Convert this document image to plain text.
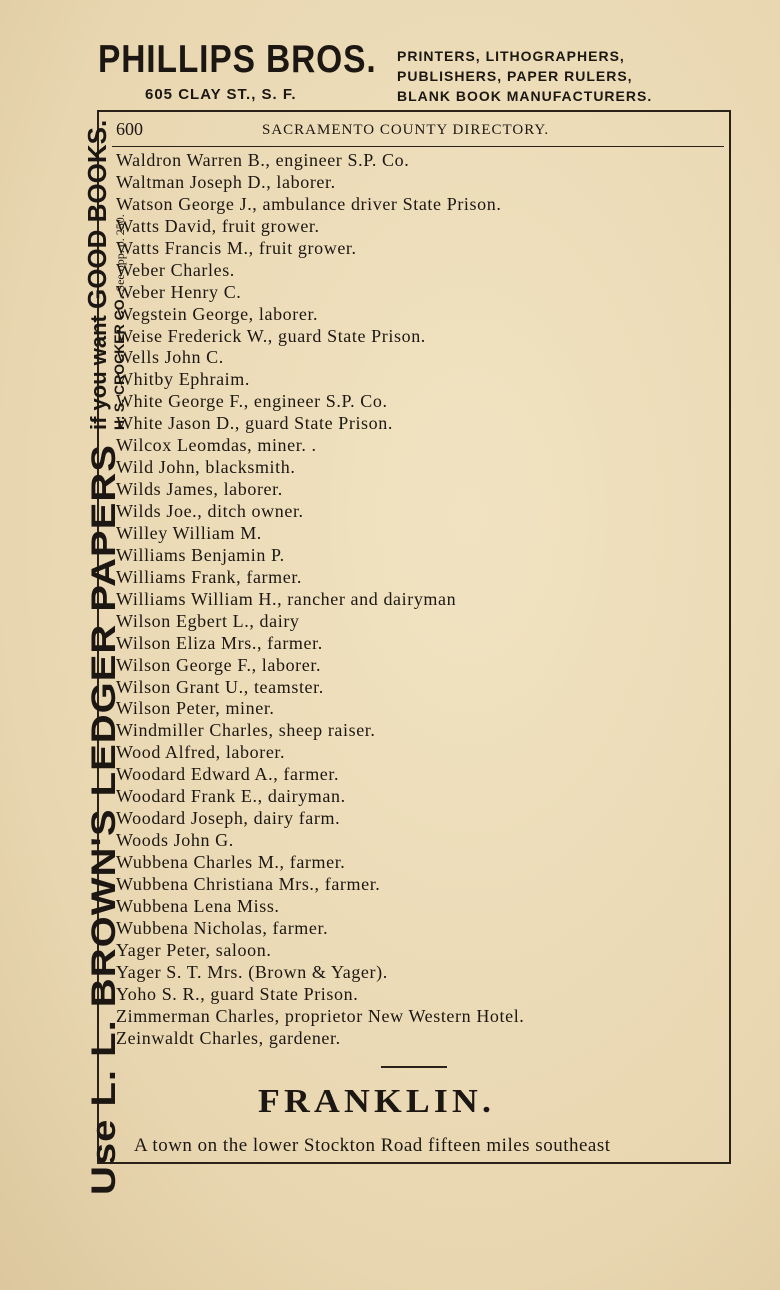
PHILLIPS BROS.
605 CLAY ST., S. F.
PRINTERS, LITHOGRAPHERS,
PUBLISHERS, PAPER RULERS,
BLANK BOOK MANUFACTURERS.
600	SACRAMENTO COUNTY DIRECTORY.
Waldron Warren B., engineer S.P. Co.
Waltman Joseph D., laborer.
Watson George J., ambulance driver State Prison.
Watts David, fruit grower.
Watts Francis M., fruit grower.
Weber Charles.
Weber Henry C.
Wegstein George, laborer.
Weise Frederick W., guard State Prison.
Wells John C.
Whitby Ephraim.
White George F., engineer S.P. Co.
White Jason D., guard State Prison.
Wilcox Leomdas, miner. .
Wild John, blacksmith.
Wilds James, laborer.
Wilds Joe., ditch owner.
Willey William M.
Williams Benjamin P.
Williams Frank, farmer.
Williams William H., rancher and dairyman
Wilson Egbert L., dairy
Wilson Eliza Mrs., farmer.
Wilson George F., laborer.
Wilson Grant U., teamster.
Wilson Peter, miner.
Windmiller Charles, sheep raiser.
Wood Alfred, laborer.
Woodard Edward A., farmer.
Woodard Frank E., dairyman.
Woodard Joseph, dairy farm.
Woods John G.
Wubbena Charles M., farmer.
Wubbena Christiana Mrs., farmer.
Wubbena Lena Miss.
Wubbena Nicholas, farmer.
Yager Peter, saloon.
Yager S. T. Mrs. (Brown & Yager).
Yoho S. R., guard State Prison.
Zimmerman Charles, proprietor New Western Hotel.
Zeinwaldt Charles, gardener.
FRANKLIN.
A town on the lower Stockton Road fifteen miles southeast
Use L. L. BROWN'S LEDGER PAPERS
if you want GOOD BOOKS.
H. S. CROCKER CO. See opp. p. 250.
